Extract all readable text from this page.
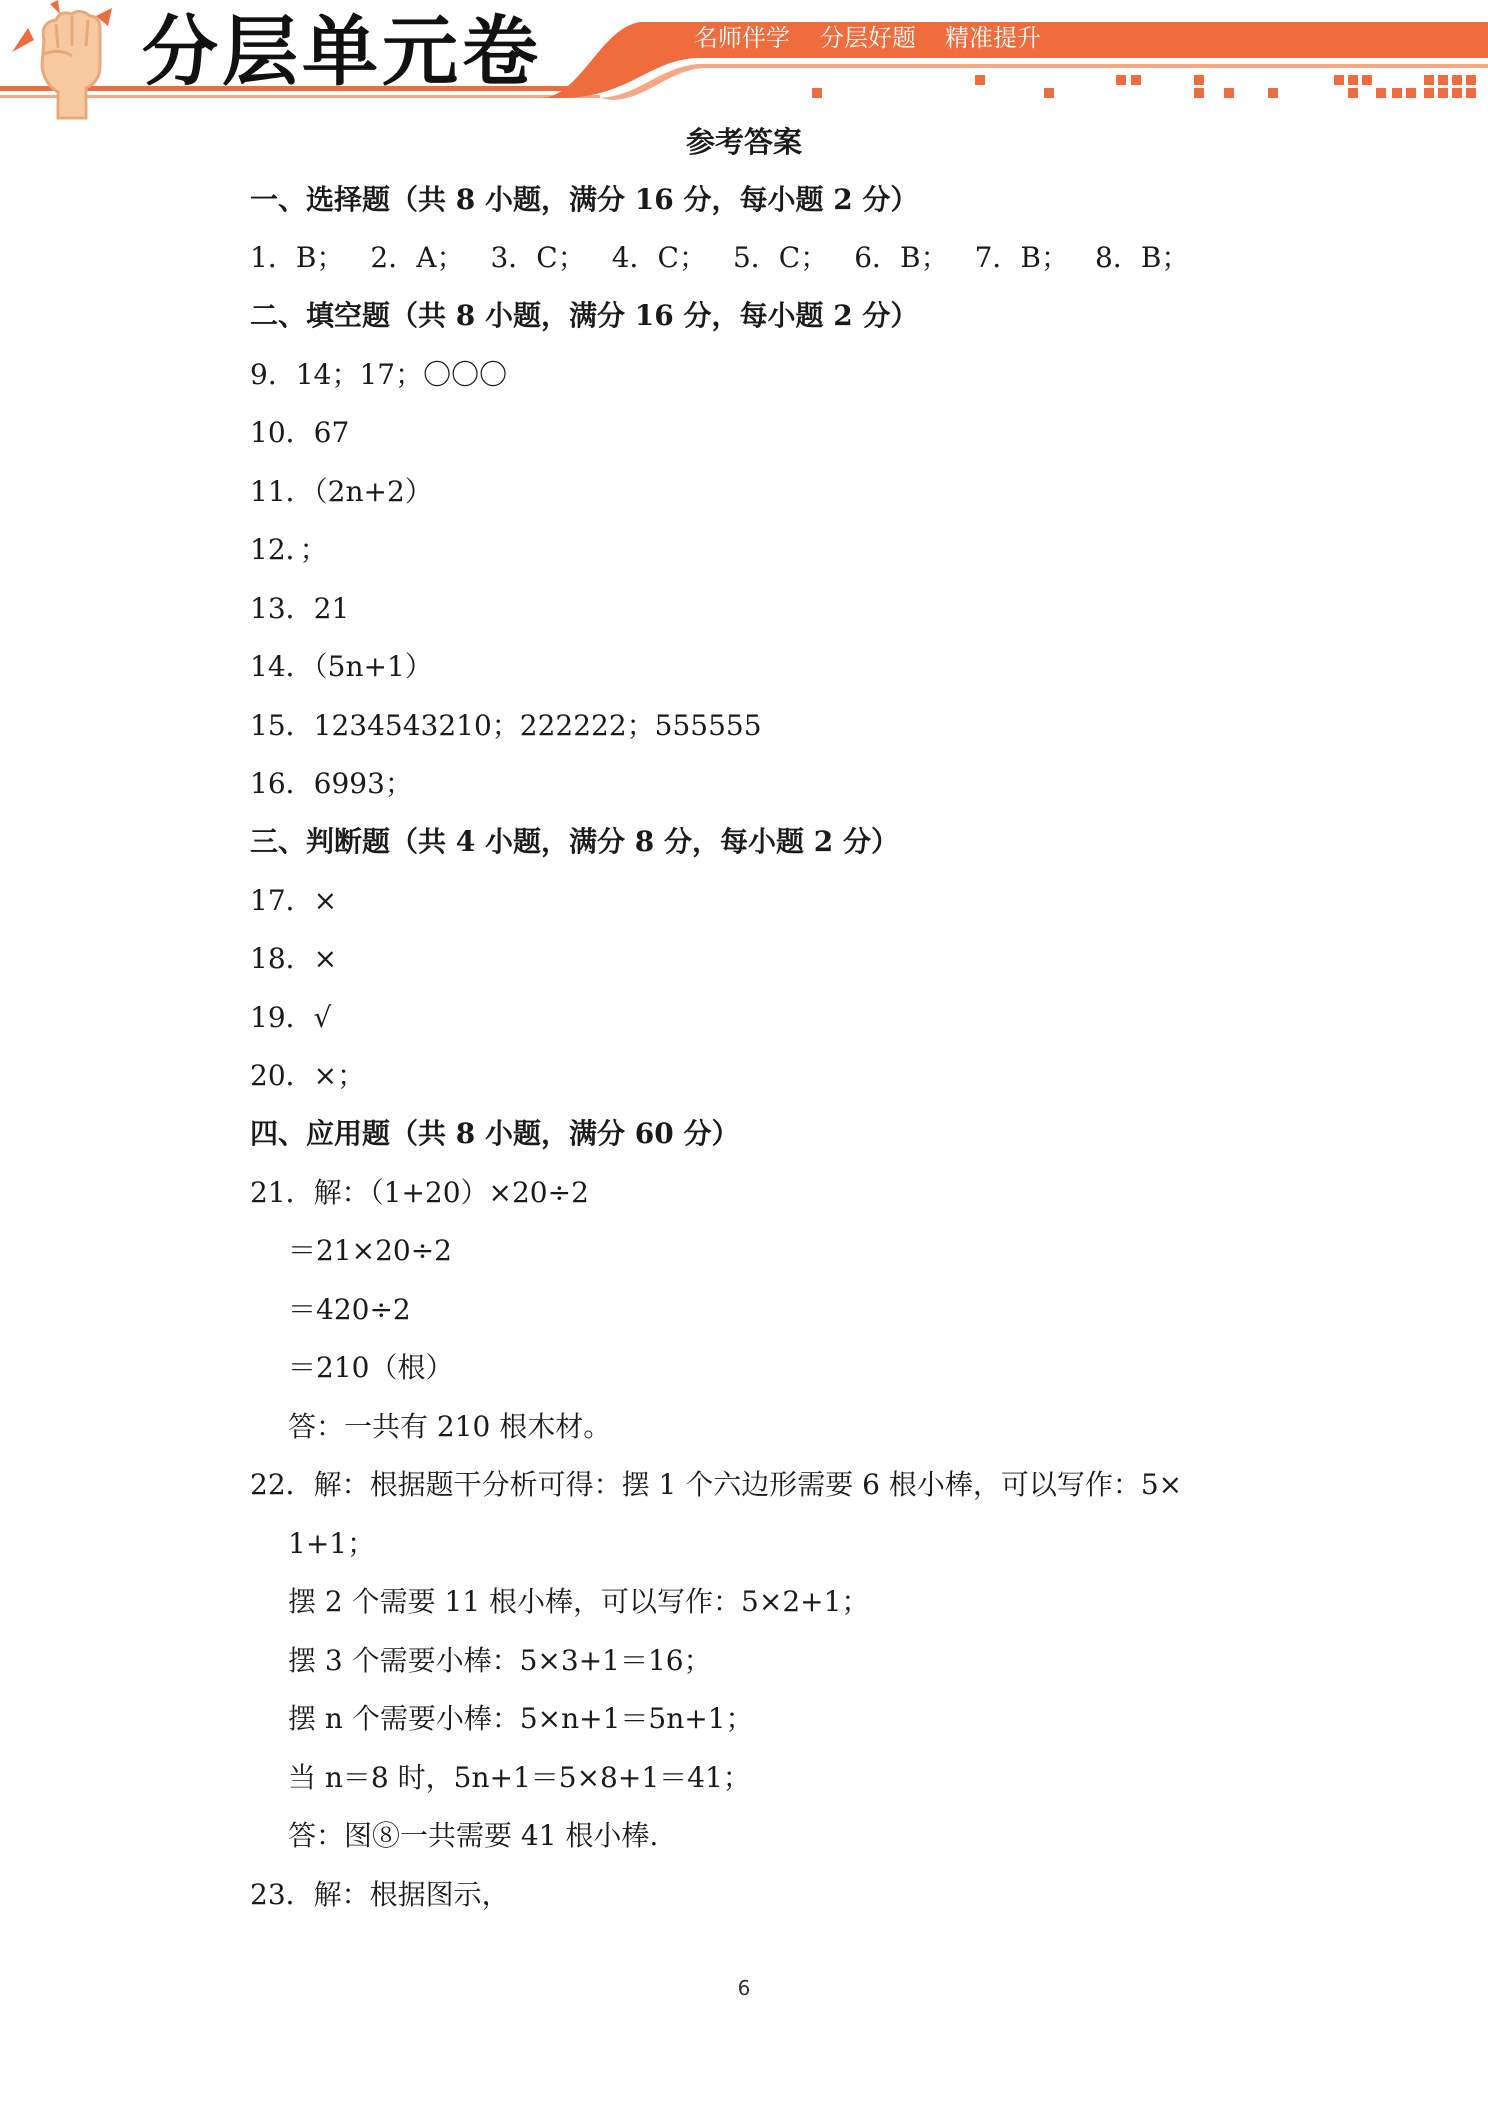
分层单元卷	名师伴学 分层好题 精准提升
参考答案
一、选择题（共 8 小题，满分 16 分，每小题 2 分）
1．B； 2．A； 3．C； 4．C； 5．C； 6．B； 7．B； 8．B；
二、填空题（共 8 小题，满分 16 分，每小题 2 分）
9．14；17；〇〇〇
10．67
11．（2n+2）
12．；
13．21
14．（5n+1）
15．1234543210；222222；555555
16．6993；
三、判断题（共 4 小题，满分 8 分，每小题 2 分）
17．×
18．×
19．√
20．×；
四、应用题（共 8 小题，满分 60 分）
21．解：（1+20）×20÷2
＝21×20÷2
＝420÷2
＝210（根）
答：一共有 210 根木材。
22．解：根据题干分析可得：摆 1 个六边形需要 6 根小棒，可以写作：5×
1+1；
摆 2 个需要 11 根小棒，可以写作：5×2+1；
摆 3 个需要小棒：5×3+1＝16；
摆 n 个需要小棒：5×n+1＝5n+1；
当 n＝8 时，5n+1＝5×8+1＝41；
答：图⑧一共需要 41 根小棒.
23．解：根据图示，
6
